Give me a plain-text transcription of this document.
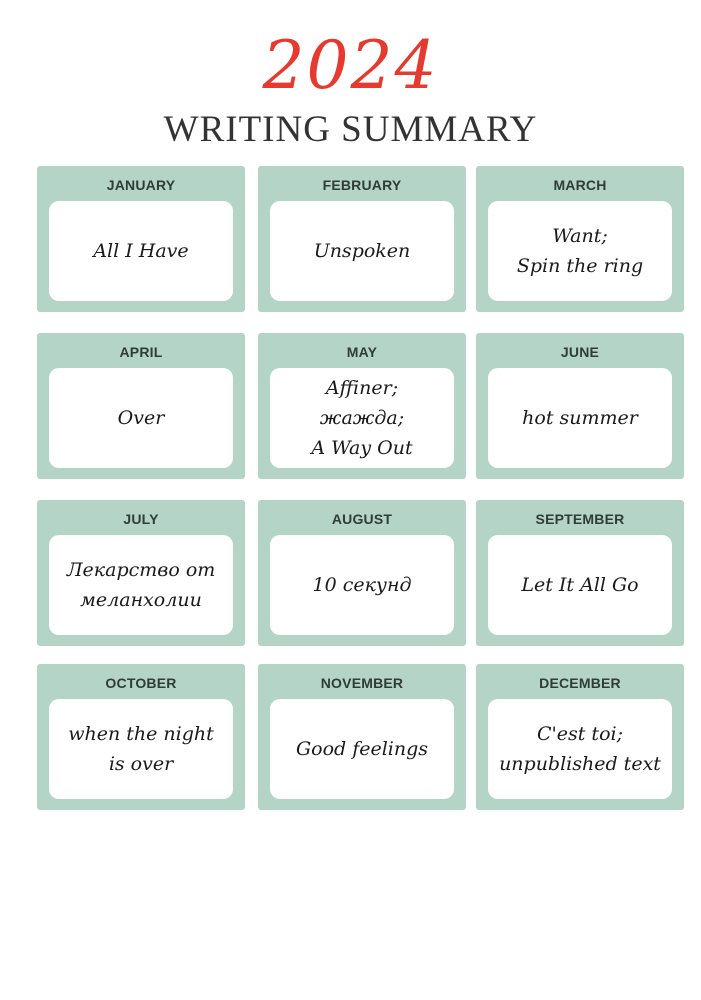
2024
WRITING SUMMARY
JANUARY
All I Have
FEBRUARY
Unspoken
MARCH
Want;
Spin the ring
APRIL
Over
MAY
Affiner;
жажда;
A Way Out
JUNE
hot summer
JULY
Лекарство от
меланхолии
AUGUST
10 секунд
SEPTEMBER
Let It All Go
OCTOBER
when the night
is over
NOVEMBER
Good feelings
DECEMBER
C'est toi;
unpublished text
